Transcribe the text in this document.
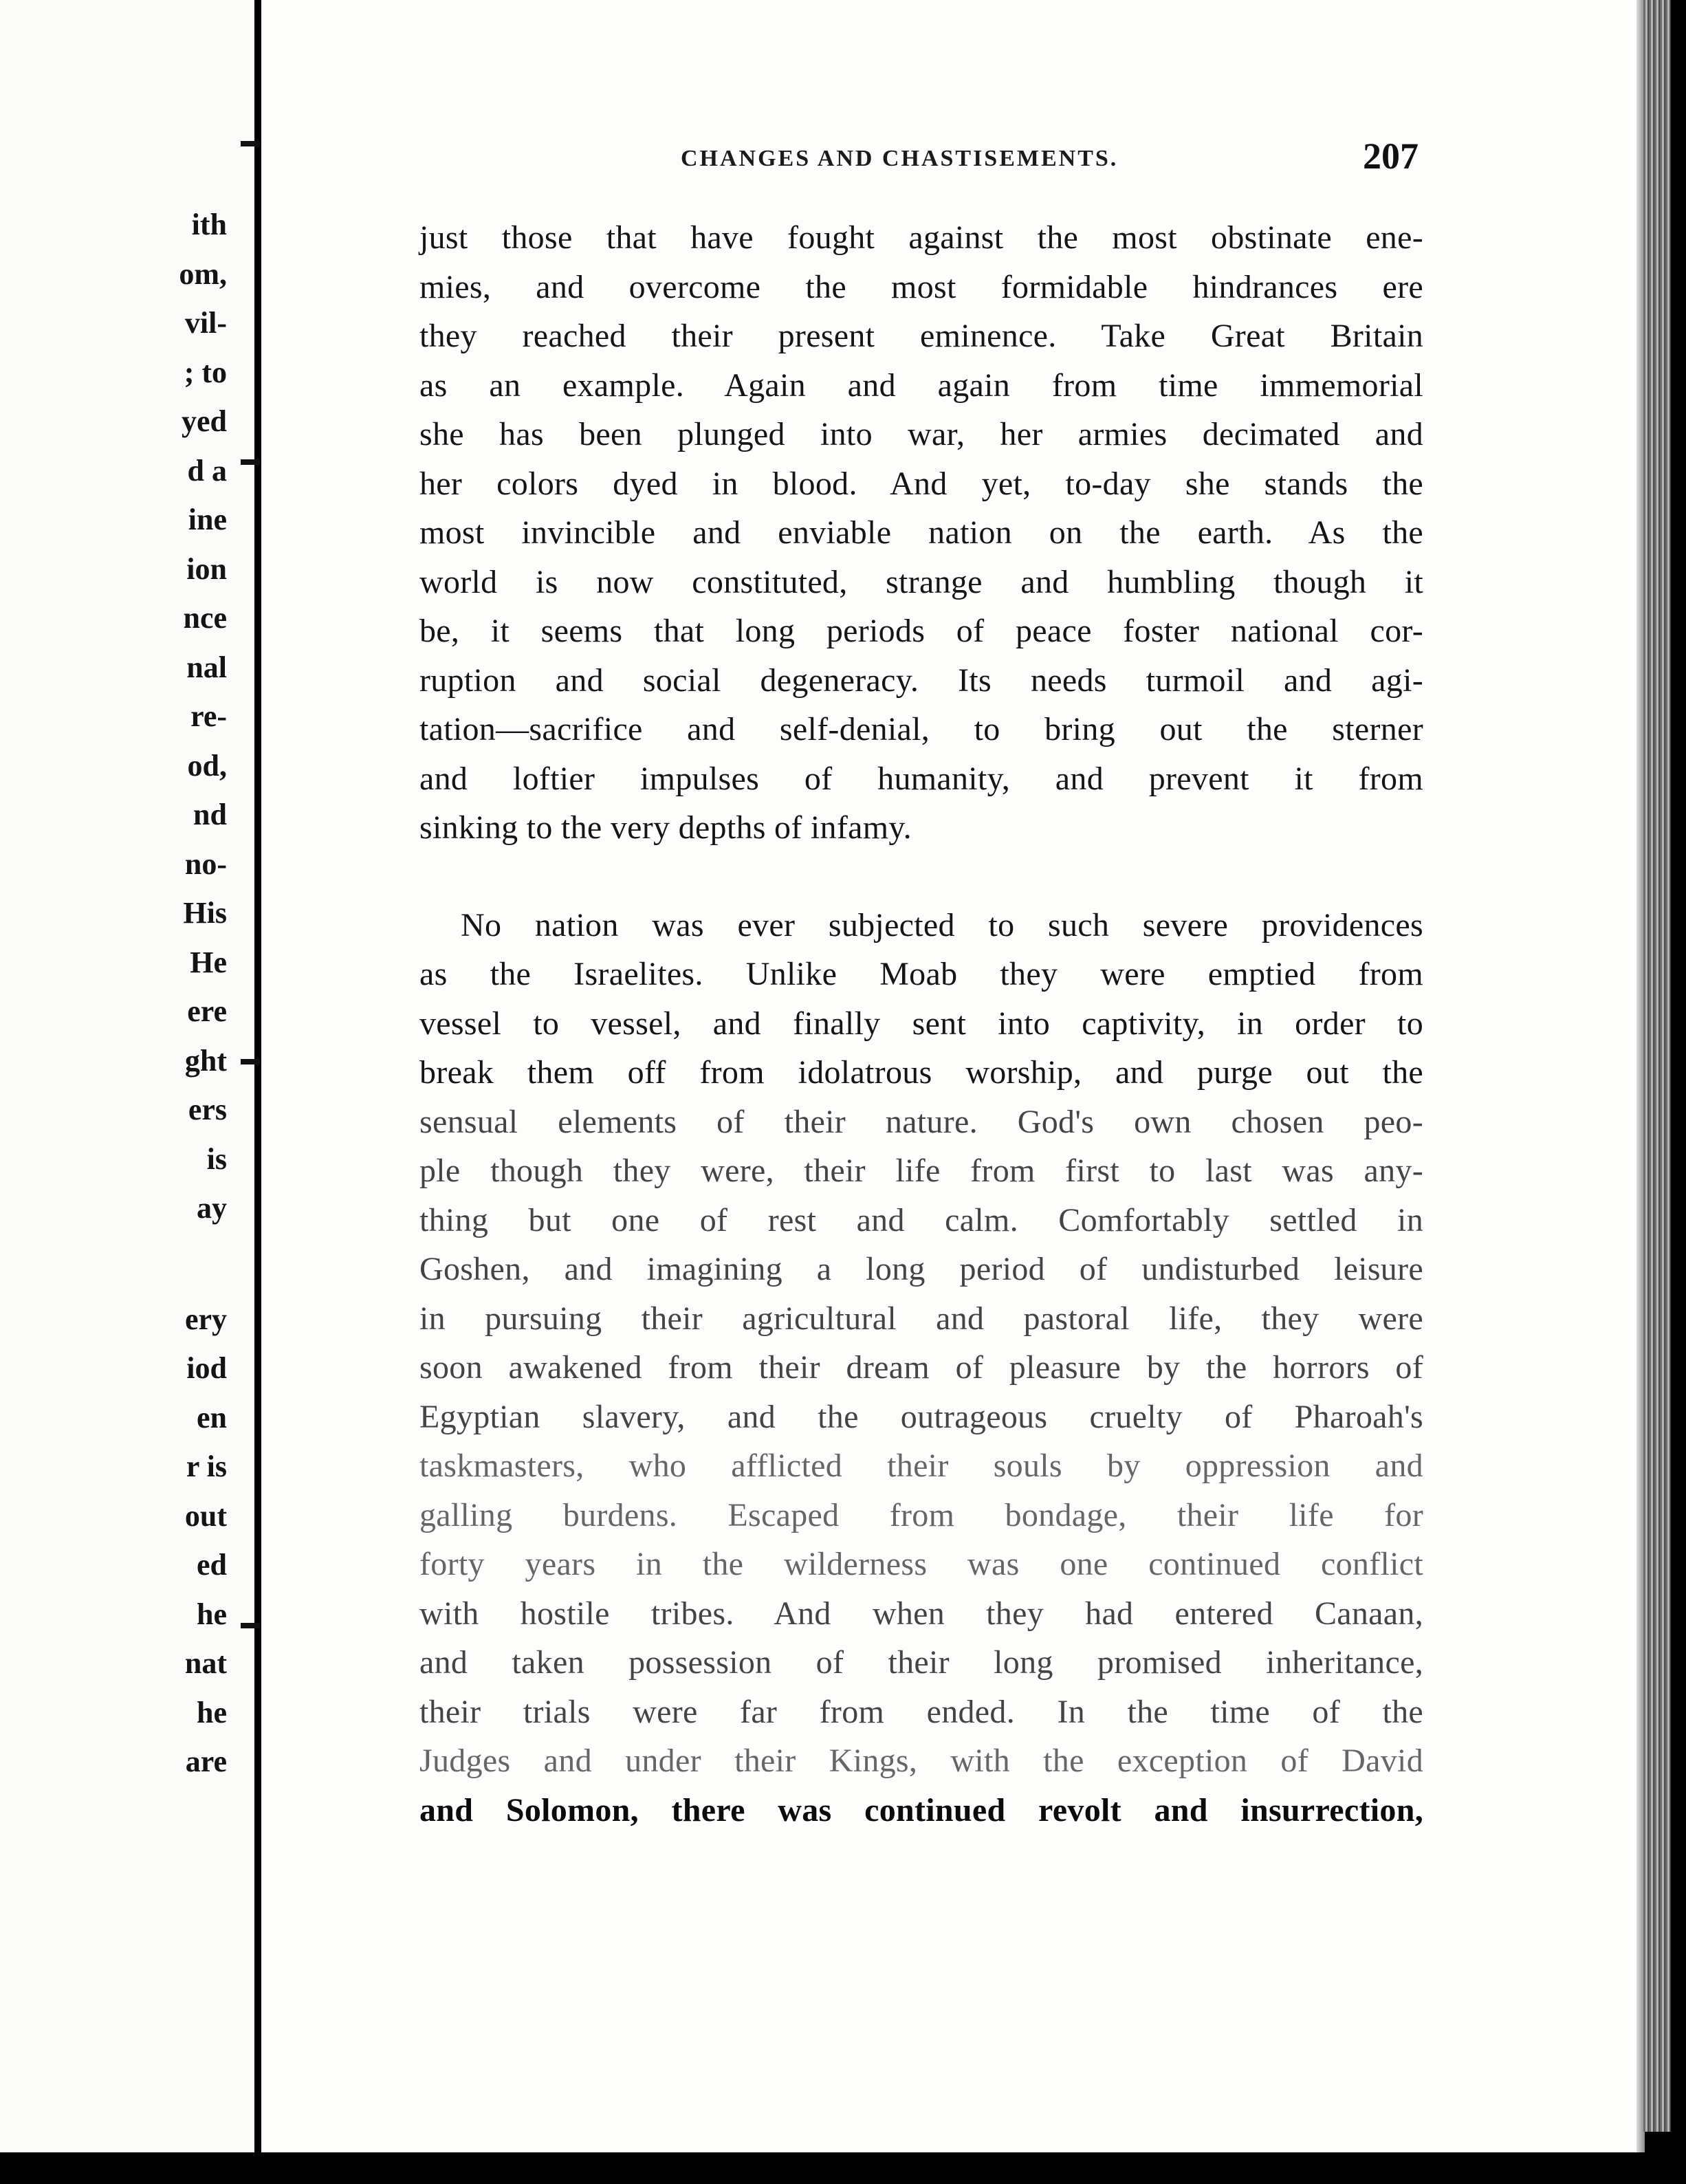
ith
om,
vil-
; to
yed
d a
ine
ion
nce
nal
re-
od,
nd
no-
His
He
ere
ght
ers
is
ay
ery
iod
en
r is
out
ed
he
nat
he
are
CHANGES AND CHASTISEMENTS.	207
just those that have fought against the most obstinate ene-
mies, and overcome the most formidable hindrances ere
they reached their present eminence. Take Great Britain
as an example. Again and again from time immemorial
she has been plunged into war, her armies decimated and
her colors dyed in blood. And yet, to-day she stands the
most invincible and enviable nation on the earth. As the
world is now constituted, strange and humbling though it
be, it seems that long periods of peace foster national cor-
ruption and social degeneracy. Its needs turmoil and agi-
tation—sacrifice and self-denial, to bring out the sterner
and loftier impulses of humanity, and prevent it from
sinking to the very depths of infamy.
No nation was ever subjected to such severe providences
as the Israelites. Unlike Moab they were emptied from
vessel to vessel, and finally sent into captivity, in order to
break them off from idolatrous worship, and purge out the
sensual elements of their nature. God's own chosen peo-
ple though they were, their life from first to last was any-
thing but one of rest and calm. Comfortably settled in
Goshen, and imagining a long period of undisturbed leisure
in pursuing their agricultural and pastoral life, they were
soon awakened from their dream of pleasure by the horrors of
Egyptian slavery, and the outrageous cruelty of Pharoah's
taskmasters, who afflicted their souls by oppression and
galling burdens. Escaped from bondage, their life for
forty years in the wilderness was one continued conflict
with hostile tribes. And when they had entered Canaan,
and taken possession of their long promised inheritance,
their trials were far from ended. In the time of the
Judges and under their Kings, with the exception of David
and Solomon, there was continued revolt and insurrection,
